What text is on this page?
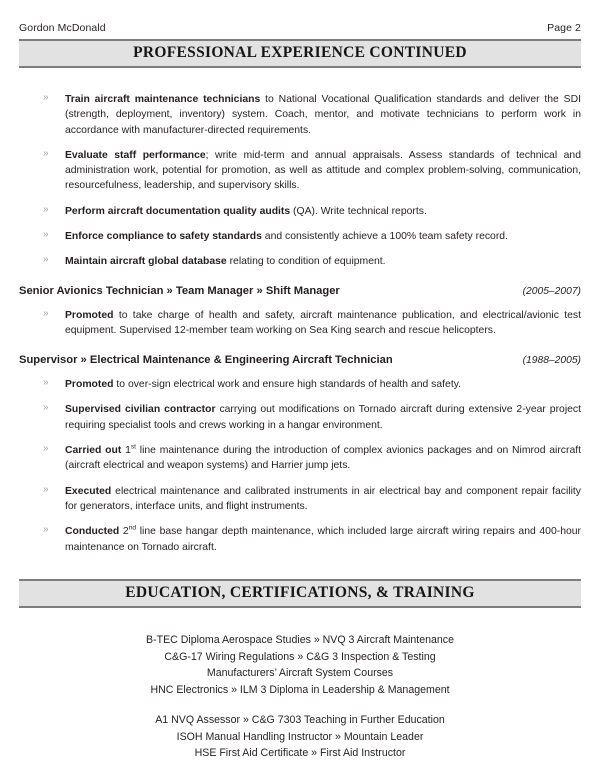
Gordon McDonald	Page 2
PROFESSIONAL EXPERIENCE CONTINUED
» Train aircraft maintenance technicians to National Vocational Qualification standards and deliver the SDI (strength, deployment, inventory) system. Coach, mentor, and motivate technicians to perform work in accordance with manufacturer-directed requirements.
» Evaluate staff performance; write mid-term and annual appraisals. Assess standards of technical and administration work, potential for promotion, as well as attitude and complex problem-solving, communication, resourcefulness, leadership, and supervisory skills.
» Perform aircraft documentation quality audits (QA). Write technical reports.
» Enforce compliance to safety standards and consistently achieve a 100% team safety record.
» Maintain aircraft global database relating to condition of equipment.
Senior Avionics Technician » Team Manager » Shift Manager	(2005–2007)
» Promoted to take charge of health and safety, aircraft maintenance publication, and electrical/avionic test equipment. Supervised 12-member team working on Sea King search and rescue helicopters.
Supervisor » Electrical Maintenance & Engineering Aircraft Technician	(1988–2005)
» Promoted to over-sign electrical work and ensure high standards of health and safety.
» Supervised civilian contractor carrying out modifications on Tornado aircraft during extensive 2-year project requiring specialist tools and crews working in a hangar environment.
» Carried out 1st line maintenance during the introduction of complex avionics packages and on Nimrod aircraft (aircraft electrical and weapon systems) and Harrier jump jets.
» Executed electrical maintenance and calibrated instruments in air electrical bay and component repair facility for generators, interface units, and flight instruments.
» Conducted 2nd line base hangar depth maintenance, which included large aircraft wiring repairs and 400-hour maintenance on Tornado aircraft.
EDUCATION, CERTIFICATIONS, & TRAINING
B-TEC Diploma Aerospace Studies » NVQ 3 Aircraft Maintenance
C&G-17 Wiring Regulations » C&G 3 Inspection & Testing
Manufacturers’ Aircraft System Courses
HNC Electronics » ILM 3 Diploma in Leadership & Management
A1 NVQ Assessor » C&G 7303 Teaching in Further Education
ISOH Manual Handling Instructor » Mountain Leader
HSE First Aid Certificate » First Aid Instructor
